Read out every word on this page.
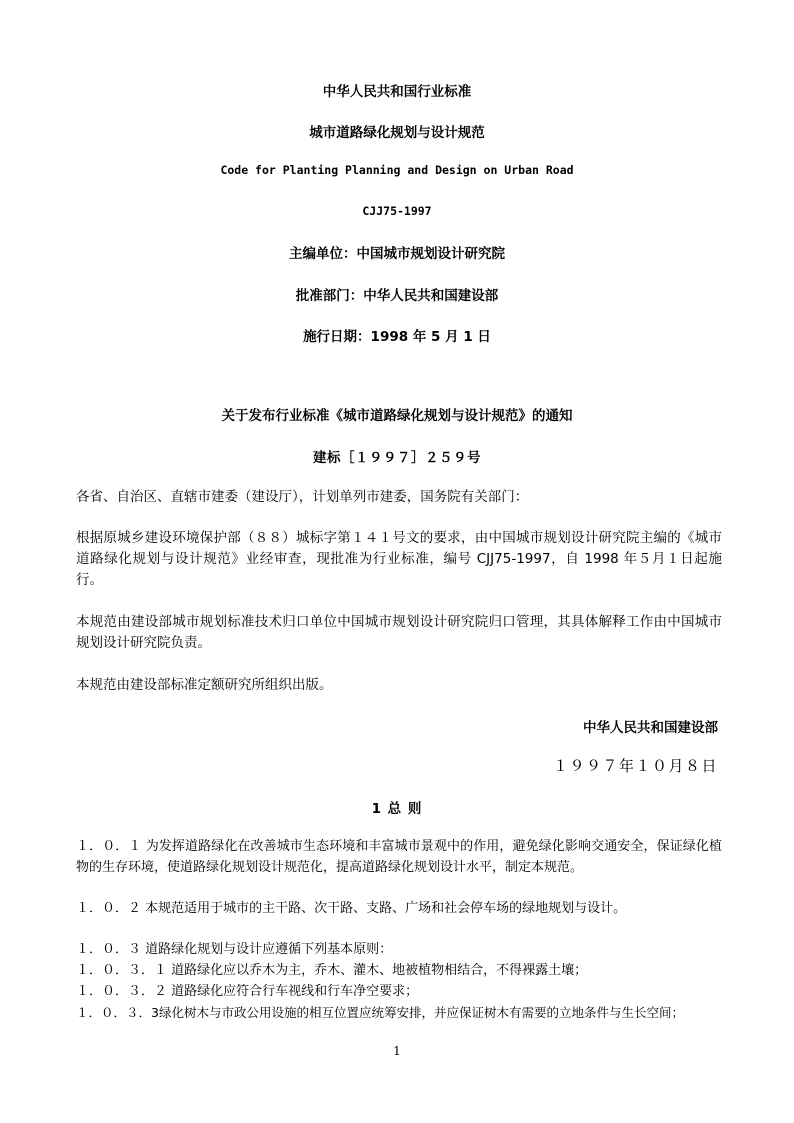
中华人民共和国行业标准
城市道路绿化规划与设计规范
Code for Planting Planning and Design on Urban Road
CJJ75-1997
主编单位：中国城市规划设计研究院
批准部门：中华人民共和国建设部
施行日期：1998 年 5 月 1 日
关于发布行业标准《城市道路绿化规划与设计规范》的通知
建标［１９９７］２５９号
各省、自治区、直辖市建委（建设厅），计划单列市建委，国务院有关部门：
根据原城乡建设环境保护部（８８）城标字第１４１号文的要求，由中国城市规划设计研究院主编的《城市道路绿化规划与设计规范》业经审查，现批准为行业标准，编号 CJJ75-1997，自 1998 年５月１日起施行。
本规范由建设部城市规划标准技术归口单位中国城市规划设计研究院归口管理，其具体解释工作由中国城市规划设计研究院负责。
本规范由建设部标准定额研究所组织出版。
中华人民共和国建设部
１９９７年１０月８日
1 总 则
１．０．１ 为发挥道路绿化在改善城市生态环境和丰富城市景观中的作用，避免绿化影响交通安全，保证绿化植物的生存环境，使道路绿化规划设计规范化，提高道路绿化规划设计水平，制定本规范。
１．０．２ 本规范适用于城市的主干路、次干路、支路、广场和社会停车场的绿地规划与设计。
１．０．３ 道路绿化规划与设计应遵循下列基本原则：
１．０．３．１ 道路绿化应以乔木为主，乔木、灌木、地被植物相结合，不得裸露土壤；
１．０．３．２ 道路绿化应符合行车视线和行车净空要求；
１．０．３．3绿化树木与市政公用设施的相互位置应统筹安排，并应保证树木有需要的立地条件与生长空间；
1
